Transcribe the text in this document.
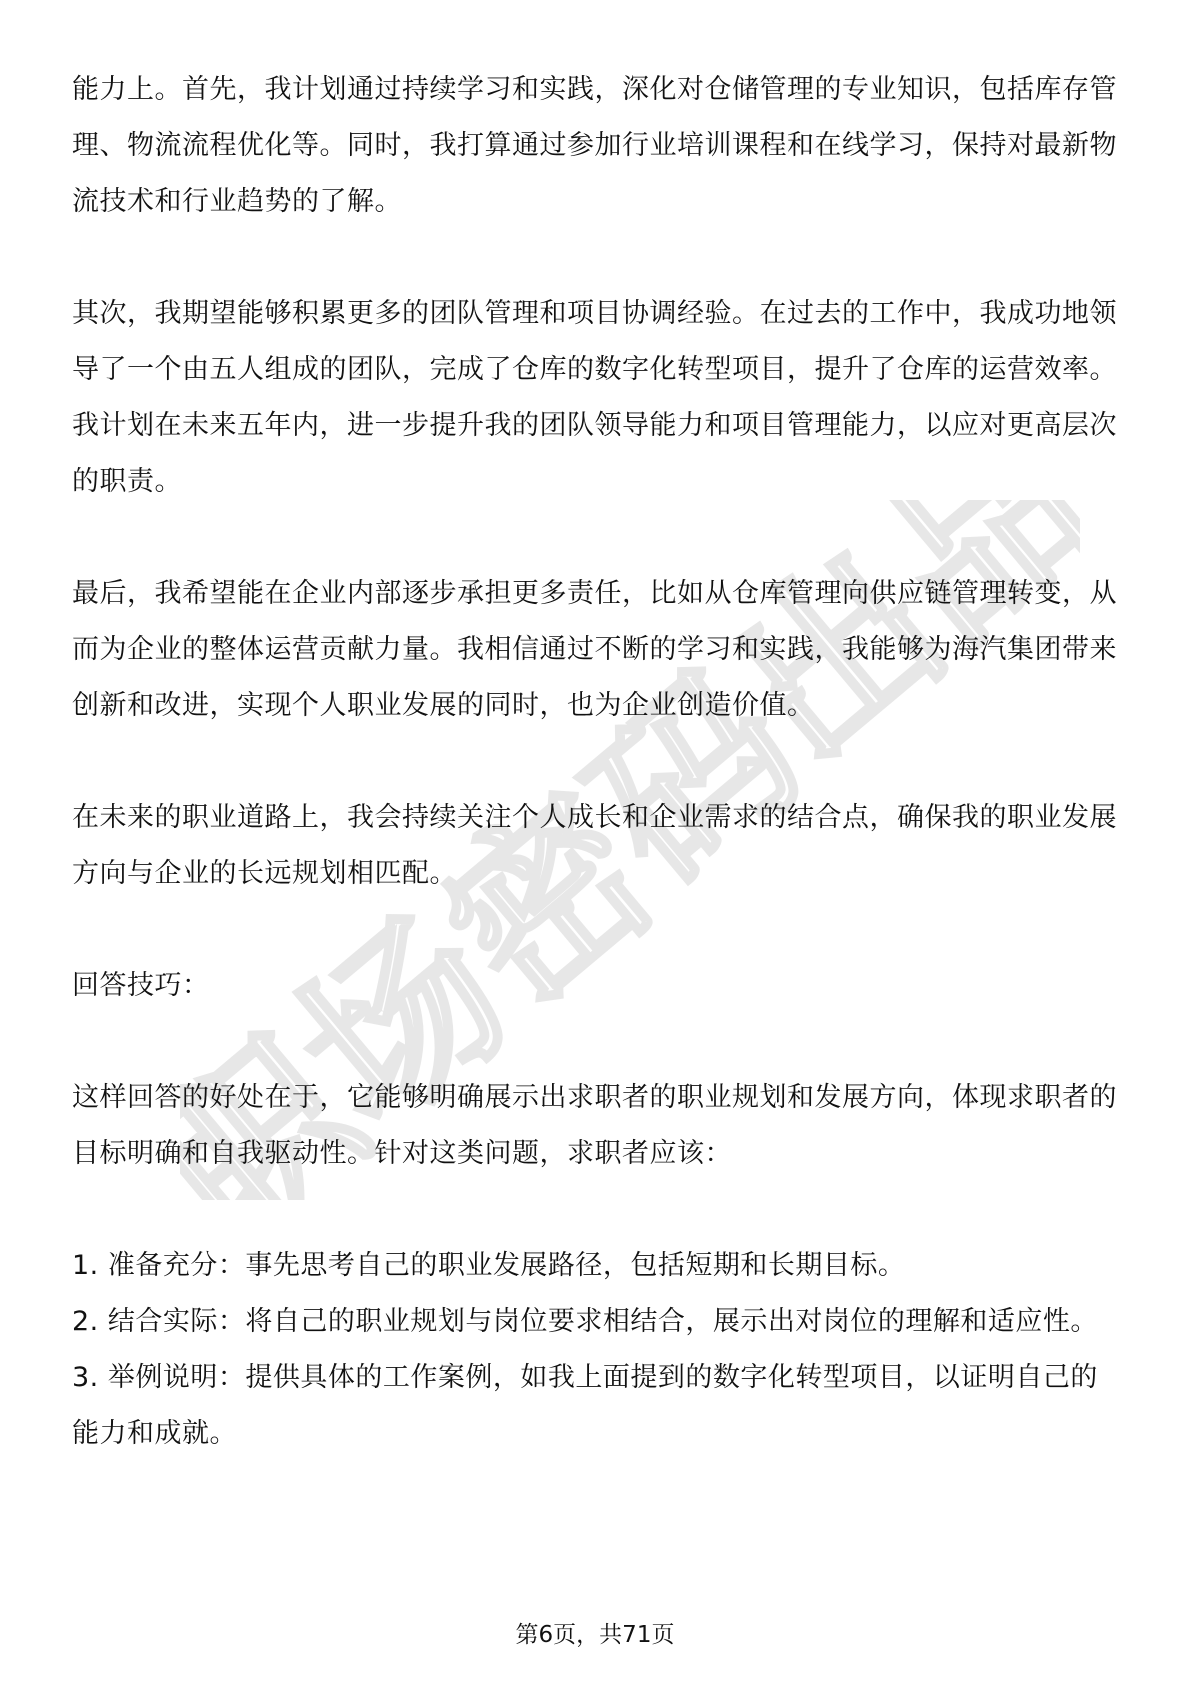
职场密码出品

能力上。首先，我计划通过持续学习和实践，深化对仓储管理的专业知识，包括库存管理、物流流程优化等。同时，我打算通过参加行业培训课程和在线学习，保持对最新物流技术和行业趋势的了解。

其次，我期望能够积累更多的团队管理和项目协调经验。在过去的工作中，我成功地领导了一个由五人组成的团队，完成了仓库的数字化转型项目，提升了仓库的运营效率。我计划在未来五年内，进一步提升我的团队领导能力和项目管理能力，以应对更高层次的职责。

最后，我希望能在企业内部逐步承担更多责任，比如从仓库管理向供应链管理转变，从而为企业的整体运营贡献力量。我相信通过不断的学习和实践，我能够为海汽集团带来创新和改进，实现个人职业发展的同时，也为企业创造价值。

在未来的职业道路上，我会持续关注个人成长和企业需求的结合点，确保我的职业发展方向与企业的长远规划相匹配。

回答技巧：

这样回答的好处在于，它能够明确展示出求职者的职业规划和发展方向，体现求职者的目标明确和自我驱动性。针对这类问题，求职者应该：

1. 准备充分：事先思考自己的职业发展路径，包括短期和长期目标。

2. 结合实际：将自己的职业规划与岗位要求相结合，展示出对岗位的理解和适应性。

3. 举例说明：提供具体的工作案例，如我上面提到的数字化转型项目，以证明自己的能力和成就。

第6页，共71页
